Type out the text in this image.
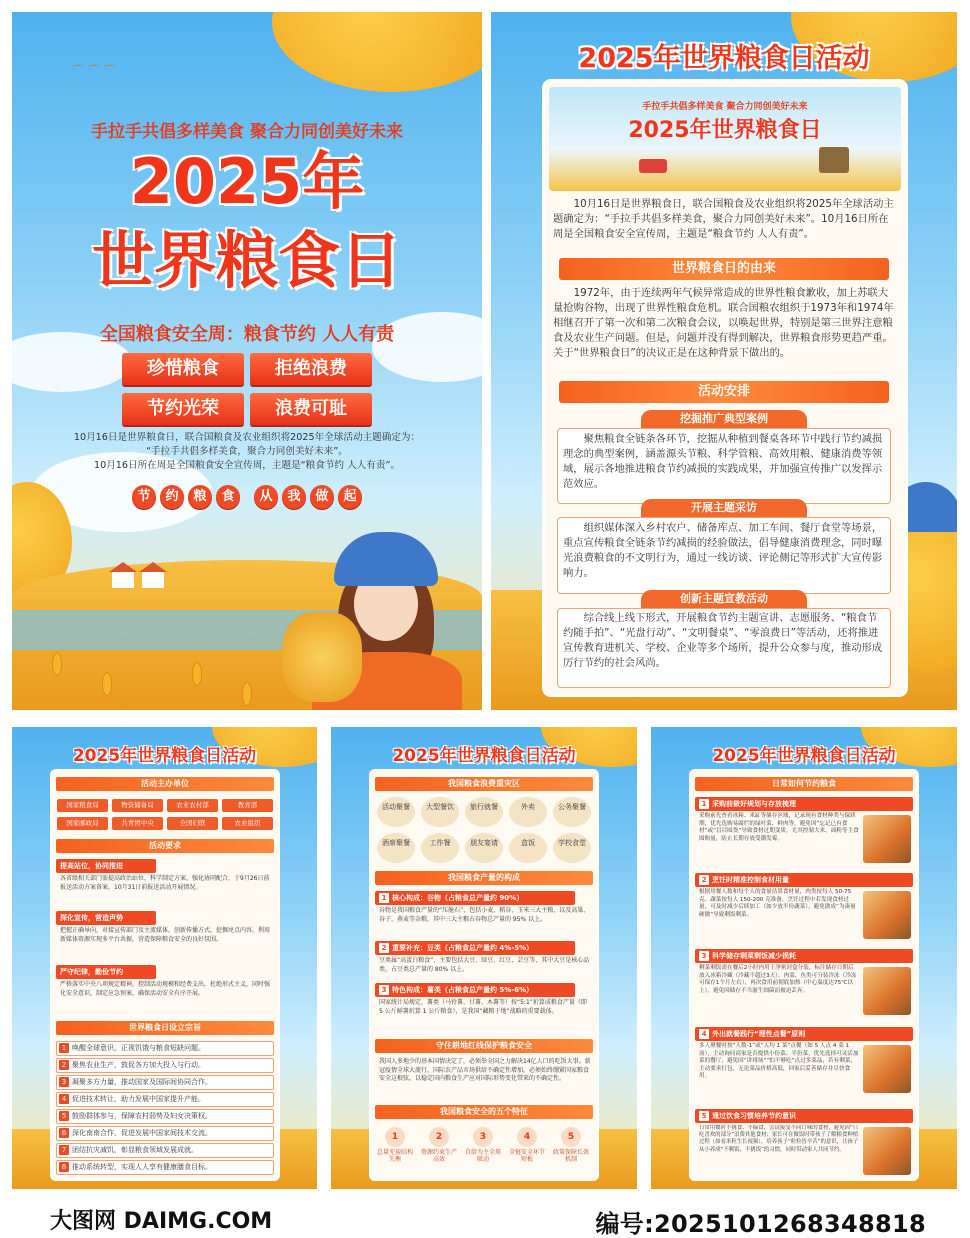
⌒ ⌒ ⌒
手拉手共倡多样美食 聚合力同创美好未来
2025年
世界粮食日
全国粮食安全周：粮食节约 人人有责
珍惜粮食	拒绝浪费
节约光荣	浪费可耻
10月16日是世界粮食日，联合国粮食及农业组织将2025年全球活动主题确定为：
“手拉手共倡多样美食，聚合力同创美好未来”。
10月16日所在周是全国粮食安全宣传周，主题是“粮食节约 人人有责”。
节 约 粮 食 从 我 做 起
2025年世界粮食日活动
手拉手共倡多样美食 聚合力同创美好未来
2025年世界粮食日
10月16日是世界粮食日，联合国粮食及农业组织将2025年全球活动主题确定为：“手拉手共倡多样美食，聚合力同创美好未来”。10月16日所在周是全国粮食安全宣传周，主题是“粮食节约 人人有责”。
世界粮食日的由来
1972年，由于连续两年气候异常造成的世界性粮食歉收，加上苏联大量抢购谷物，出现了世界性粮食危机。联合国粮农组织于1973年和1974年相继召开了第一次和第二次粮食会议，以唤起世界，特别是第三世界注意粮食及农业生产问题。但是，问题并没有得到解决，世界粮食形势更趋严重。关于“世界粮食日”的决议正是在这种背景下做出的。
活动安排
挖掘推广典型案例
聚焦粮食全链条各环节，挖掘从种植到餐桌各环节中践行节约减损理念的典型案例，涵盖源头节粮、科学管粮、高效用粮、健康消费等领域，展示各地推进粮食节约减损的实践成果，并加强宣传推广以发挥示范效应。
开展主题采访
组织媒体深入乡村农户、储备库点、加工车间、餐厅食堂等场景，重点宣传粮食全链条节约减损的经验做法，倡导健康消费理念，同时曝光浪费粮食的不文明行为，通过一线访谈、评论侧记等形式扩大宣传影响力。
创新主题宣教活动
综合线上线下形式，开展粮食节约主题宣讲、志愿服务、“粮食节约随手拍”、“光盘行动”、“文明餐桌”、“零浪费日”等活动，还将推进宣传教育进机关、学校、企业等多个场所，提升公众参与度，推动形成厉行节约的社会风尚。
2025年世界粮食日活动
活动主办单位
国家粮食局	物资储备局	农业农村部	教育部
国家邮政局	共青团中央	全国妇联	农业组织
活动要求
提高站位，协同推进
各省级相关部门需提高政治站位，科学制定方案，强化协同配合，于9月26日前报送活动方案备案，10月31日前报送活动开展情况。
深化宣传，营造声势
把握正确导向，对接宣传部门及主流媒体，创新传播方式，挖掘亮点内容，利用新媒体资源实现多平台共振，营造保障粮食安全的良好氛围。
严守纪律，勤俭节约
严格落实中央八项规定精神，控制活动规模和经费支出，杜绝形式主义，同时强化安全意识，制定应急预案，确保活动安全有序开展。
世界粮食日设立宗旨
1 唤醒全球意识，正视饥饿与粮食短缺问题。
2 聚焦农业生产，敦促各方加大投入与行动。
3 凝聚多方力量，推动国家及国际间协同合作。
4 促进技术转让，助力发展中国家提升产能。
5 鼓励群体参与，保障农村弱势及妇女决策权。
6 深化南南合作，促进发展中国家间技术交流。
7 团结抗灾减饥，彰显粮食领域发展成就。
8 推动系统转型，实现人人享有健康膳食目标。
2025年世界粮食日活动
我国粮食浪费重灾区
活动聚餐	大型餐饮	旅行就餐	外卖	公务聚餐
酒席聚餐	工作餐	朋友宴请	盒饭	学校食堂
我国粮食产量的构成
1 核心构成：谷物（占粮食总产量约 90%）
谷物是我国粮食产量的“压舱石”，包括小麦、稻谷、玉米三大主粮，以及高粱、谷子、燕麦等杂粮，其中三大主粮占谷物总产量的 95% 以上。
2 重要补充：豆类（占粮食总产量约 4%-5%）
豆类属“高蛋白粮食”，主要包括大豆、绿豆、红豆、芸豆等，其中大豆是核心品类，占豆类总产量的 80% 以上。
3 特色构成：薯类（占粮食总产量约 5%-6%）
国家统计局规定，薯类（马铃薯、甘薯、木薯等）按“5:1”折算成粮食产量（即 5 公斤鲜薯折算 1 公斤粮食），是我国“藏粮于地”战略的重要载体。
守住耕地红线保护粮食安全
我国人多地少的基本国情决定了，必须举全国之力解决14亿人口的吃饭大事。新冠疫情全球大流行，国际农产品市场供给不确定性增加，必须始终绷紧国家粮食安全这根弦，以稳定国内粮食生产应对国际形势变化带来的不确定性。
我国粮食安全的五个特征
1
总量充裕结构失衡
2
资源约束生产高效
3
自给为主全球联动
4
全链安全环节短板
5
政策保障长效机制
2025年世界粮食日活动
日常如何节约粮食
1 采购前做好规划与存放梳理
采购前先查看冰箱、米缸等储存区域，记录现有食材种类与保质期，优先选购易腐烂的绿叶菜、鲜肉等，避免因“忘记已有食材”或“盲目囤货”导致食材过期变质，尤其控制大米、面粉等主食囤购量，防止长期存放受潮发霉。
2 烹饪时精准控制食材用量
根据用餐人数和每个人的食量估算食材量，肉类按每人 50-75 克、蔬菜按每人 150-200 克准备，烹饪过程中若发现食材过量，可及时减少后续加工（如少放半份蔬菜），避免做成“为凑量硬做”导致剩饭剩菜。
3 科学储存剩菜剩饭减少损耗
剩菜剩饭需在餐后2小时内用干净密封盒分装，标注储存日期后放入冰箱冷藏（冷藏不超过3天），肉菜、鱼类可分装冷冻（冷冻可保存1个月左右），再次食用前彻底加热（中心温度达75℃以上），避免因储存不当滋生细菌而被迫丢弃。
4 外出就餐践行“理性点餐”原则
多人聚餐时按“人数-1”或“人均 1 菜”点餐（如 5 人点 4 菜 1 汤），主动询问商家是否提供小份菜、半份菜，优先选择可灵活加菜的餐厅；避免因“讲排场”“怕不够吃”点过多菜品，若有剩菜，主动要求打包，无论菜品价格高低，回家后妥善储存并尽快食用。
5 通过饮食习惯培养节约意识
日常用餐时不挑食、不偏食，尝试接受不同口味的食材，避免因“只吃喜欢的部分”浪费其他食材；家长可在做饭时带孩子了解粮食种植过程（如看米粒生长视频），培养孩子“粒粒皆辛苦”的意识，让孩子从小养成“不剩饭、不挑饭”的习惯，同时带动家人共同节约。
大图网 DAIMG.COM	编号:2025101268348818
